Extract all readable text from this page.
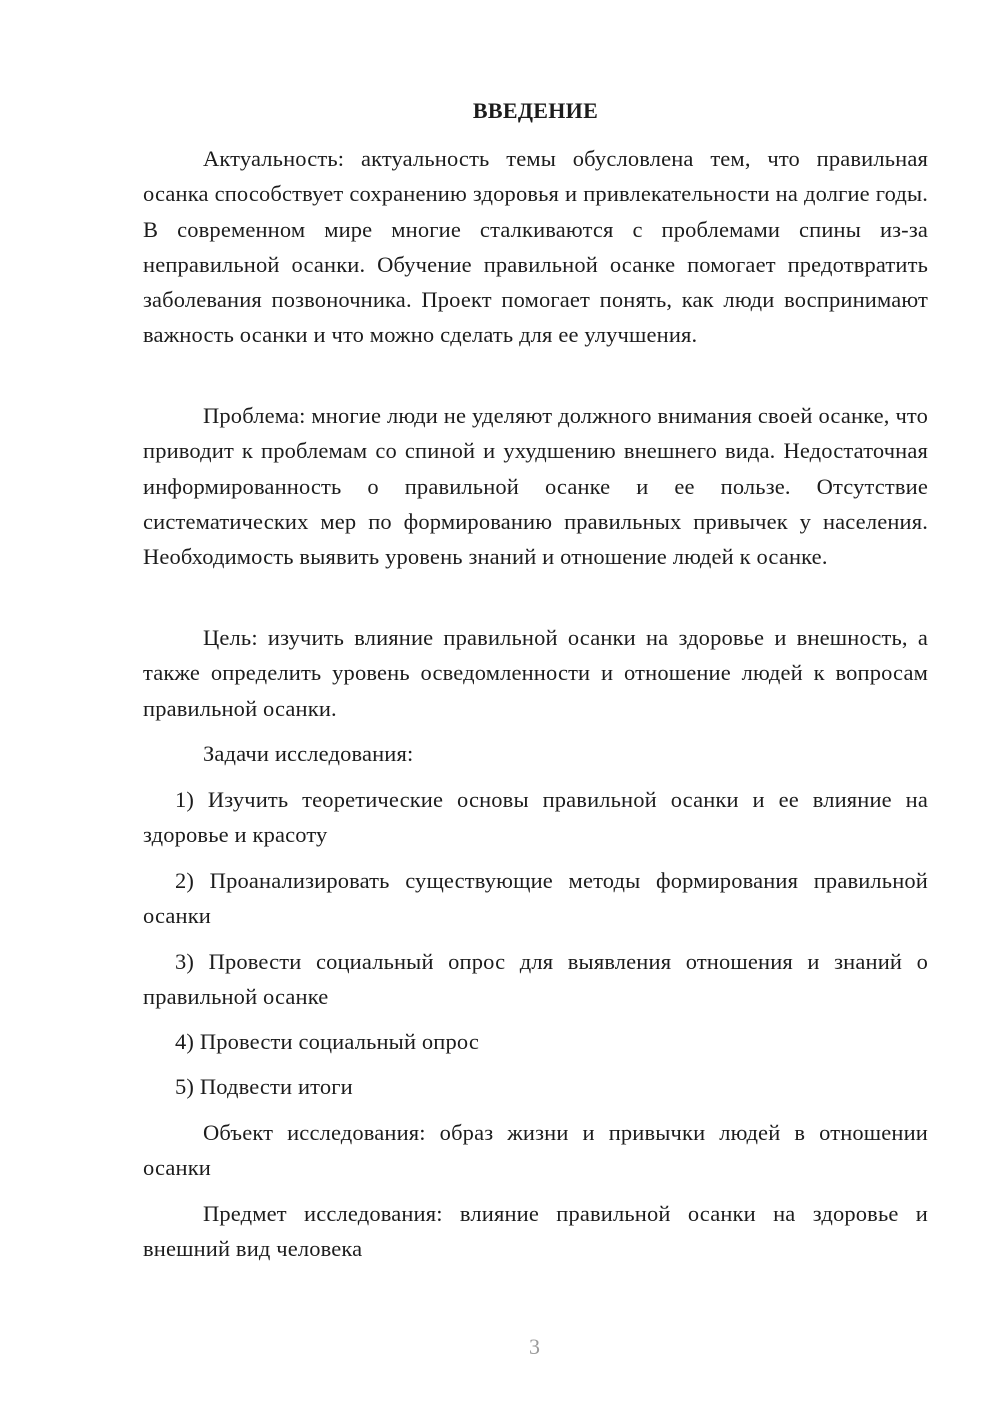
ВВЕДЕНИЕ

Актуальность: актуальность темы обусловлена тем, что правильная осанка способствует сохранению здоровья и привлекательности на долгие годы. В современном мире многие сталкиваются с проблемами спины из-за неправильной осанки. Обучение правильной осанке помогает предотвратить заболевания позвоночника. Проект помогает понять, как люди воспринимают важность осанки и что можно сделать для ее улучшения.

Проблема: многие люди не уделяют должного внимания своей осанке, что приводит к проблемам со спиной и ухудшению внешнего вида. Недостаточная информированность о правильной осанке и ее пользе. Отсутствие систематических мер по формированию правильных привычек у населения. Необходимость выявить уровень знаний и отношение людей к осанке.

Цель: изучить влияние правильной осанки на здоровье и внешность, а также определить уровень осведомленности и отношение людей к вопросам правильной осанки.

Задачи исследования:

1) Изучить теоретические основы правильной осанки и ее влияние на здоровье и красоту

2) Проанализировать существующие методы формирования правильной осанки

3) Провести социальный опрос для выявления отношения и знаний о правильной осанке

4) Провести социальный опрос

5) Подвести итоги

Объект исследования: образ жизни и привычки людей в отношении осанки

Предмет исследования: влияние правильной осанки на здоровье и внешний вид человека

3
